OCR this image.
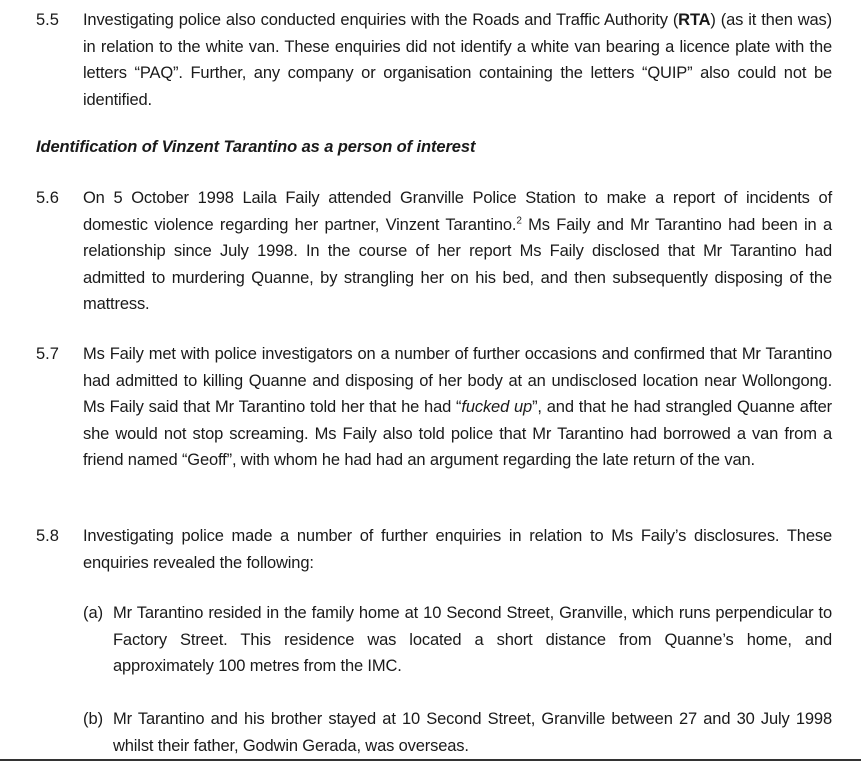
5.5 Investigating police also conducted enquiries with the Roads and Traffic Authority (RTA) (as it then was) in relation to the white van. These enquiries did not identify a white van bearing a licence plate with the letters “PAQ”. Further, any company or organisation containing the letters “QUIP” also could not be identified.
Identification of Vinzent Tarantino as a person of interest
5.6 On 5 October 1998 Laila Faily attended Granville Police Station to make a report of incidents of domestic violence regarding her partner, Vinzent Tarantino.$^2$ Ms Faily and Mr Tarantino had been in a relationship since July 1998. In the course of her report Ms Faily disclosed that Mr Tarantino had admitted to murdering Quanne, by strangling her on his bed, and then subsequently disposing of the mattress.
5.7 Ms Faily met with police investigators on a number of further occasions and confirmed that Mr Tarantino had admitted to killing Quanne and disposing of her body at an undisclosed location near Wollongong. Ms Faily said that Mr Tarantino told her that he had “fucked up”, and that he had strangled Quanne after she would not stop screaming. Ms Faily also told police that Mr Tarantino had borrowed a van from a friend named “Geoff”, with whom he had had an argument regarding the late return of the van.
5.8 Investigating police made a number of further enquiries in relation to Ms Faily’s disclosures. These enquiries revealed the following:
(a) Mr Tarantino resided in the family home at 10 Second Street, Granville, which runs perpendicular to Factory Street. This residence was located a short distance from Quanne’s home, and approximately 100 metres from the IMC.
(b) Mr Tarantino and his brother stayed at 10 Second Street, Granville between 27 and 30 July 1998 whilst their father, Godwin Gerada, was overseas.
